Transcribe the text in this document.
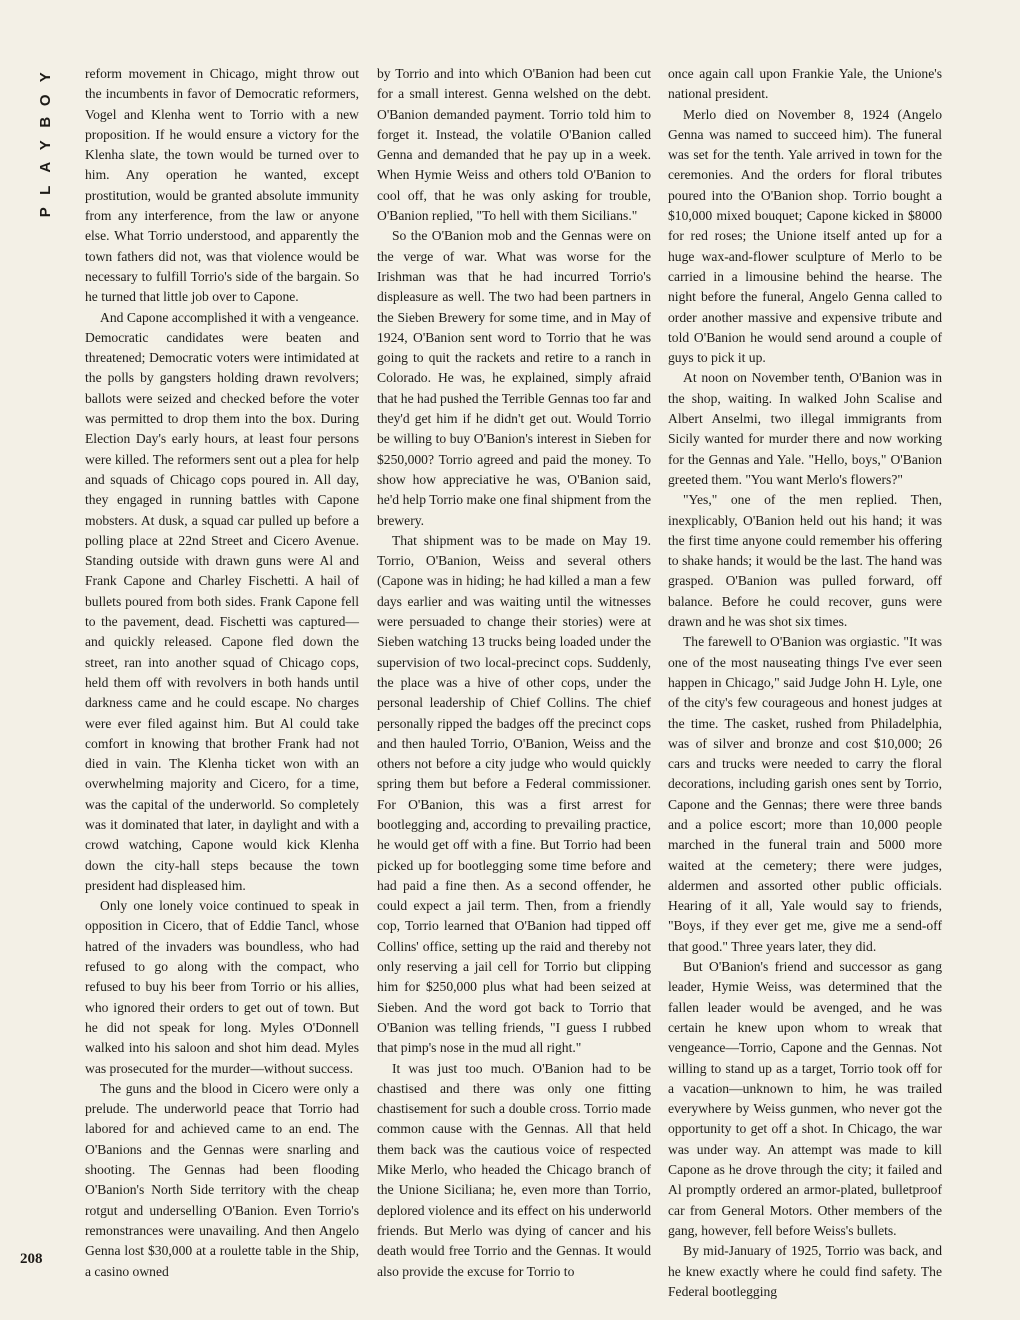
Y
O
B
Y
A
L
P
208

reform movement in Chicago, might throw out the incumbents in favor of Democratic reformers, Vogel and Klenha went to Torrio with a new proposition. If he would ensure a victory for the Klenha slate, the town would be turned over to him. Any operation he wanted, except prostitution, would be granted absolute immunity from any interference, from the law or anyone else. What Torrio understood, and apparently the town fathers did not, was that violence would be necessary to fulfill Torrio's side of the bargain. So he turned that little job over to Capone.

And Capone accomplished it with a vengeance. Democratic candidates were beaten and threatened; Democratic voters were intimidated at the polls by gangsters holding drawn revolvers; ballots were seized and checked before the voter was permitted to drop them into the box. During Election Day's early hours, at least four persons were killed. The reformers sent out a plea for help and squads of Chicago cops poured in. All day, they engaged in running battles with Capone mobsters. At dusk, a squad car pulled up before a polling place at 22nd Street and Cicero Avenue. Standing outside with drawn guns were Al and Frank Capone and Charley Fischetti. A hail of bullets poured from both sides. Frank Capone fell to the pavement, dead. Fischetti was captured—and quickly released. Capone fled down the street, ran into another squad of Chicago cops, held them off with revolvers in both hands until darkness came and he could escape. No charges were ever filed against him. But Al could take comfort in knowing that brother Frank had not died in vain. The Klenha ticket won with an overwhelming majority and Cicero, for a time, was the capital of the underworld. So completely was it dominated that later, in daylight and with a crowd watching, Capone would kick Klenha down the city-hall steps because the town president had displeased him.

Only one lonely voice continued to speak in opposition in Cicero, that of Eddie Tancl, whose hatred of the invaders was boundless, who had refused to go along with the compact, who refused to buy his beer from Torrio or his allies, who ignored their orders to get out of town. But he did not speak for long. Myles O'Donnell walked into his saloon and shot him dead. Myles was prosecuted for the murder—without success.

The guns and the blood in Cicero were only a prelude. The underworld peace that Torrio had labored for and achieved came to an end. The O'Banions and the Gennas were snarling and shooting. The Gennas had been flooding O'Banion's North Side territory with the cheap rotgut and underselling O'Banion. Even Torrio's remonstrances were unavailing. And then Angelo Genna lost $30,000 at a roulette table in the Ship, a casino owned

by Torrio and into which O'Banion had been cut for a small interest. Genna welshed on the debt. O'Banion demanded payment. Torrio told him to forget it. Instead, the volatile O'Banion called Genna and demanded that he pay up in a week. When Hymie Weiss and others told O'Banion to cool off, that he was only asking for trouble, O'Banion replied, "To hell with them Sicilians."

So the O'Banion mob and the Gennas were on the verge of war. What was worse for the Irishman was that he had incurred Torrio's displeasure as well. The two had been partners in the Sieben Brewery for some time, and in May of 1924, O'Banion sent word to Torrio that he was going to quit the rackets and retire to a ranch in Colorado. He was, he explained, simply afraid that he had pushed the Terrible Gennas too far and they'd get him if he didn't get out. Would Torrio be willing to buy O'Banion's interest in Sieben for $250,000? Torrio agreed and paid the money. To show how appreciative he was, O'Banion said, he'd help Torrio make one final shipment from the brewery.

That shipment was to be made on May 19. Torrio, O'Banion, Weiss and several others (Capone was in hiding; he had killed a man a few days earlier and was waiting until the witnesses were persuaded to change their stories) were at Sieben watching 13 trucks being loaded under the supervision of two local-precinct cops. Suddenly, the place was a hive of other cops, under the personal leadership of Chief Collins. The chief personally ripped the badges off the precinct cops and then hauled Torrio, O'Banion, Weiss and the others not before a city judge who would quickly spring them but before a Federal commissioner. For O'Banion, this was a first arrest for bootlegging and, according to prevailing practice, he would get off with a fine. But Torrio had been picked up for bootlegging some time before and had paid a fine then. As a second offender, he could expect a jail term. Then, from a friendly cop, Torrio learned that O'Banion had tipped off Collins' office, setting up the raid and thereby not only reserving a jail cell for Torrio but clipping him for $250,000 plus what had been seized at Sieben. And the word got back to Torrio that O'Banion was telling friends, "I guess I rubbed that pimp's nose in the mud all right."

It was just too much. O'Banion had to be chastised and there was only one fitting chastisement for such a double cross. Torrio made common cause with the Gennas. All that held them back was the cautious voice of respected Mike Merlo, who headed the Chicago branch of the Unione Siciliana; he, even more than Torrio, deplored violence and its effect on his underworld friends. But Merlo was dying of cancer and his death would free Torrio and the Gennas. It would also provide the excuse for Torrio to

once again call upon Frankie Yale, the Unione's national president.

Merlo died on November 8, 1924 (Angelo Genna was named to succeed him). The funeral was set for the tenth. Yale arrived in town for the ceremonies. And the orders for floral tributes poured into the O'Banion shop. Torrio bought a $10,000 mixed bouquet; Capone kicked in $8000 for red roses; the Unione itself anted up for a huge wax-and-flower sculpture of Merlo to be carried in a limousine behind the hearse. The night before the funeral, Angelo Genna called to order another massive and expensive tribute and told O'Banion he would send around a couple of guys to pick it up.

At noon on November tenth, O'Banion was in the shop, waiting. In walked John Scalise and Albert Anselmi, two illegal immigrants from Sicily wanted for murder there and now working for the Gennas and Yale. "Hello, boys," O'Banion greeted them. "You want Merlo's flowers?"

"Yes," one of the men replied. Then, inexplicably, O'Banion held out his hand; it was the first time anyone could remember his offering to shake hands; it would be the last. The hand was grasped. O'Banion was pulled forward, off balance. Before he could recover, guns were drawn and he was shot six times.

The farewell to O'Banion was orgiastic. "It was one of the most nauseating things I've ever seen happen in Chicago," said Judge John H. Lyle, one of the city's few courageous and honest judges at the time. The casket, rushed from Philadelphia, was of silver and bronze and cost $10,000; 26 cars and trucks were needed to carry the floral decorations, including garish ones sent by Torrio, Capone and the Gennas; there were three bands and a police escort; more than 10,000 people marched in the funeral train and 5000 more waited at the cemetery; there were judges, aldermen and assorted other public officials. Hearing of it all, Yale would say to friends, "Boys, if they ever get me, give me a send-off that good." Three years later, they did.

But O'Banion's friend and successor as gang leader, Hymie Weiss, was determined that the fallen leader would be avenged, and he was certain he knew upon whom to wreak that vengeance—Torrio, Capone and the Gennas. Not willing to stand up as a target, Torrio took off for a vacation—unknown to him, he was trailed everywhere by Weiss gunmen, who never got the opportunity to get off a shot. In Chicago, the war was under way. An attempt was made to kill Capone as he drove through the city; it failed and Al promptly ordered an armor-plated, bulletproof car from General Motors. Other members of the gang, however, fell before Weiss's bullets.

By mid-January of 1925, Torrio was back, and he knew exactly where he could find safety. The Federal bootlegging
